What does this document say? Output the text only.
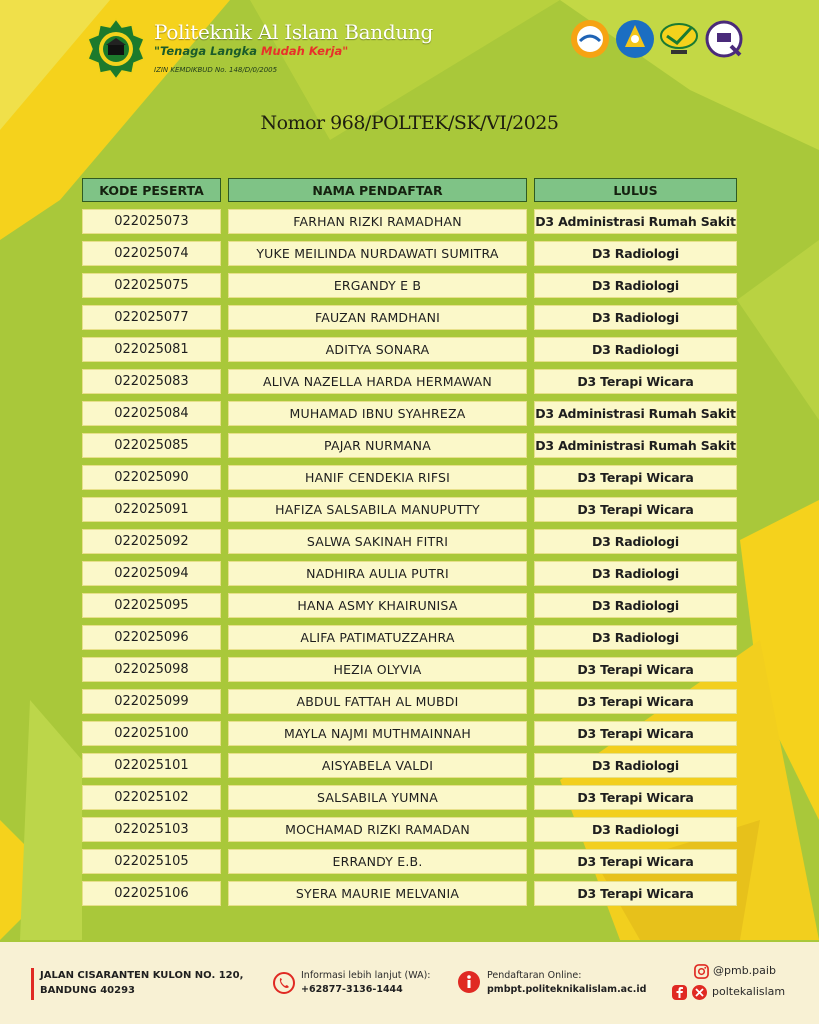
Politeknik Al Islam Bandung
"Tenaga Langka Mudah Kerja"
IZIN KEMDIKBUD No. 148/D/0/2005
Nomor 968/POLTEK/SK/VI/2025
KODE PESERTA	NAMA PENDAFTAR	LULUS
022025073	FARHAN RIZKI RAMADHAN	D3 Administrasi Rumah Sakit
022025074	YUKE MEILINDA NURDAWATI SUMITRA	D3 Radiologi
022025075	ERGANDY E B	D3 Radiologi
022025077	FAUZAN RAMDHANI	D3 Radiologi
022025081	ADITYA SONARA	D3 Radiologi
022025083	ALIVA NAZELLA HARDA HERMAWAN	D3 Terapi Wicara
022025084	MUHAMAD IBNU SYAHREZA	D3 Administrasi Rumah Sakit
022025085	PAJAR NURMANA	D3 Administrasi Rumah Sakit
022025090	HANIF CENDEKIA RIFSI	D3 Terapi Wicara
022025091	HAFIZA SALSABILA MANUPUTTY	D3 Terapi Wicara
022025092	SALWA SAKINAH FITRI	D3 Radiologi
022025094	NADHIRA AULIA PUTRI	D3 Radiologi
022025095	HANA ASMY KHAIRUNISA	D3 Radiologi
022025096	ALIFA PATIMATUZZAHRA	D3 Radiologi
022025098	HEZIA OLYVIA	D3 Terapi Wicara
022025099	ABDUL FATTAH AL MUBDI	D3 Terapi Wicara
022025100	MAYLA NAJMI MUTHMAINNAH	D3 Terapi Wicara
022025101	AISYABELA VALDI	D3 Radiologi
022025102	SALSABILA YUMNA	D3 Terapi Wicara
022025103	MOCHAMAD RIZKI RAMADAN	D3 Radiologi
022025105	ERRANDY E.B.	D3 Terapi Wicara
022025106	SYERA MAURIE MELVANIA	D3 Terapi Wicara
JALAN CISARANTEN KULON NO. 120,
BANDUNG 40293
Informasi lebih lanjut (WA):
+62877-3136-1444
Pendaftaran Online:
pmbpt.politeknikalislam.ac.id
@pmb.paib
poltekalislam
